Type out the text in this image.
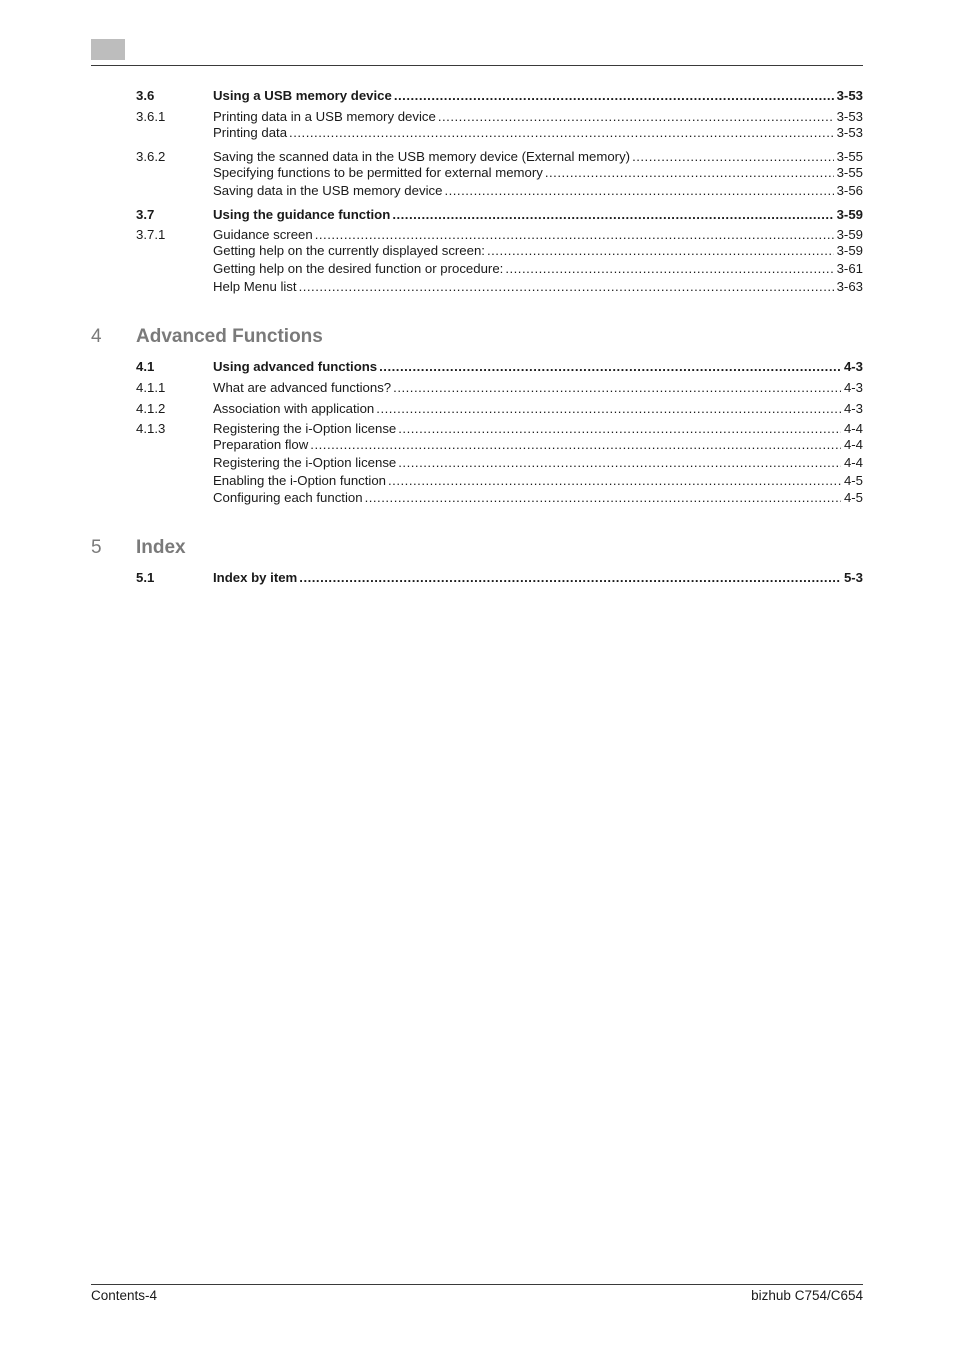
3.6	Using a USB memory device .....	3-53
3.6.1	Printing data in a USB memory device .....	3-53
Printing data .....	3-53
3.6.2	Saving the scanned data in the USB memory device (External memory) .....	3-55
Specifying functions to be permitted for external memory .....	3-55
Saving data in the USB memory device .....	3-56
3.7	Using the guidance function .....	3-59
3.7.1	Guidance screen .....	3-59
Getting help on the currently displayed screen: .....	3-59
Getting help on the desired function or procedure: .....	3-61
Help Menu list .....	3-63
4 Advanced Functions
4.1	Using advanced functions .....	4-3
4.1.1	What are advanced functions? .....	4-3
4.1.2	Association with application .....	4-3
4.1.3	Registering the i-Option license .....	4-4
Preparation flow .....	4-4
Registering the i-Option license .....	4-4
Enabling the i-Option function .....	4-5
Configuring each function .....	4-5
5 Index
5.1	Index by item .....	5-3
Contents-4	bizhub C754/C654
